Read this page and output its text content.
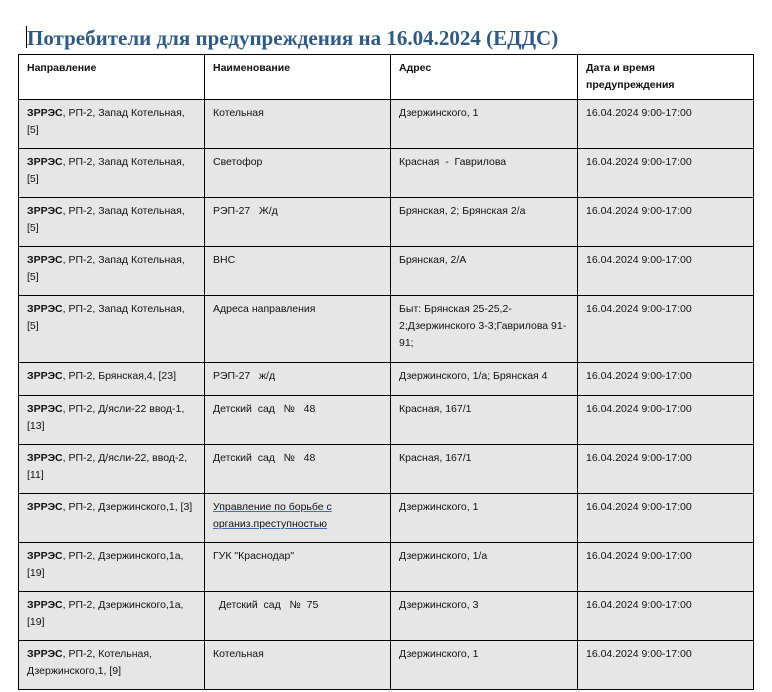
Потребители для предупреждения на 16.04.2024 (ЕДДС)
Направление	Наименование	Адрес	Дата и время предупреждения
ЗРРЭС, РП-2, Запад Котельная, [5]	Котельная	Дзержинского, 1	16.04.2024 9:00-17:00
ЗРРЭС, РП-2, Запад Котельная, [5]	Светофор	Красная  -  Гаврилова	16.04.2024 9:00-17:00
ЗРРЭС, РП-2, Запад Котельная, [5]	РЭП-27   Ж/д	Брянская, 2; Брянская 2/а	16.04.2024 9:00-17:00
ЗРРЭС, РП-2, Запад Котельная, [5]	ВНС	Брянская, 2/А	16.04.2024 9:00-17:00
ЗРРЭС, РП-2, Запад Котельная, [5]	Адреса направления	Быт: Брянская 25-25,2-2;Дзержинского 3-3;Гаврилова 91-91;	16.04.2024 9:00-17:00
ЗРРЭС, РП-2, Брянская,4, [23]	РЭП-27   ж/д	Дзержинского, 1/а; Брянская 4	16.04.2024 9:00-17:00
ЗРРЭС, РП-2, Д/ясли-22 ввод-1, [13]	Детский  сад   №   48	Красная, 167/1	16.04.2024 9:00-17:00
ЗРРЭС, РП-2, Д/ясли-22, ввод-2, [11]	Детский  сад   №   48	Красная, 167/1	16.04.2024 9:00-17:00
ЗРРЭС, РП-2, Дзержинского,1, [3]	Управление по борьбе с организ.преступностью	Дзержинского, 1	16.04.2024 9:00-17:00
ЗРРЭС, РП-2, Дзержинского,1а, [19]	ГУК "Краснодар"	Дзержинского, 1/а	16.04.2024 9:00-17:00
ЗРРЭС, РП-2, Дзержинского,1а, [19]	Детский  сад   №  75	Дзержинского, 3	16.04.2024 9:00-17:00
ЗРРЭС, РП-2, Котельная, Дзержинского,1, [9]	Котельная	Дзержинского, 1	16.04.2024 9:00-17:00
